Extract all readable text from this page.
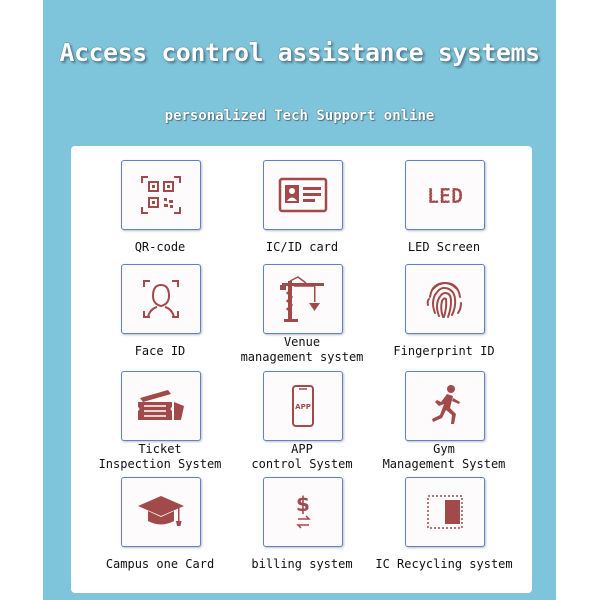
Access control assistance systems
personalized Tech Support online
QR-code	IC/ID card
LED
LED Screen
Face ID
Venue
management system	Fingerprint ID
Ticket
Inspection System
APP
APP
control System
Gym
Management System
Campus one Card
$
billing system	IC Recycling system
